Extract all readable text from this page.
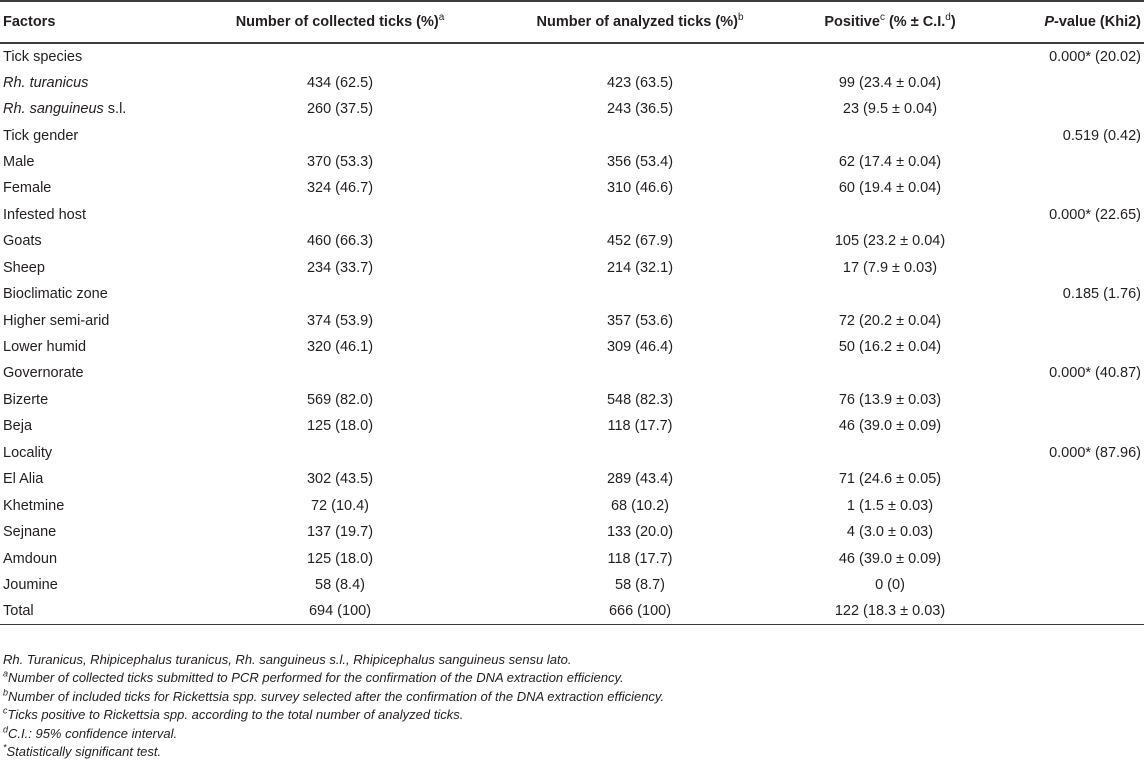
Factors	Number of collected ticks (%)$^a$	Number of analyzed ticks (%)$^b$	Positive$^c$ (% ± C.I.$^d$)	P-value (Khi2)
Tick species				0.000* (20.02)
Rh. turanicus	434 (62.5)	423 (63.5)	99 (23.4 ± 0.04)	
Rh. sanguineus s.l.	260 (37.5)	243 (36.5)	23 (9.5 ± 0.04)	
Tick gender				0.519 (0.42)
Male	370 (53.3)	356 (53.4)	62 (17.4 ± 0.04)	
Female	324 (46.7)	310 (46.6)	60 (19.4 ± 0.04)	
Infested host				0.000* (22.65)
Goats	460 (66.3)	452 (67.9)	105 (23.2 ± 0.04)	
Sheep	234 (33.7)	214 (32.1)	17 (7.9 ± 0.03)	
Bioclimatic zone				0.185 (1.76)
Higher semi-arid	374 (53.9)	357 (53.6)	72 (20.2 ± 0.04)	
Lower humid	320 (46.1)	309 (46.4)	50 (16.2 ± 0.04)	
Governorate				0.000* (40.87)
Bizerte	569 (82.0)	548 (82.3)	76 (13.9 ± 0.03)	
Beja	125 (18.0)	118 (17.7)	46 (39.0 ± 0.09)	
Locality				0.000* (87.96)
El Alia	302 (43.5)	289 (43.4)	71 (24.6 ± 0.05)	
Khetmine	72 (10.4)	68 (10.2)	1 (1.5 ± 0.03)	
Sejnane	137 (19.7)	133 (20.0)	4 (3.0 ± 0.03)	
Amdoun	125 (18.0)	118 (17.7)	46 (39.0 ± 0.09)	
Joumine	58 (8.4)	58 (8.7)	0 (0)	
Total	694 (100)	666 (100)	122 (18.3 ± 0.03)	
Rh. Turanicus, Rhipicephalus turanicus, Rh. sanguineus s.l., Rhipicephalus sanguineus sensu lato.
$^a$Number of collected ticks submitted to PCR performed for the confirmation of the DNA extraction efficiency.
$^b$Number of included ticks for Rickettsia spp. survey selected after the confirmation of the DNA extraction efficiency.
$^c$Ticks positive to Rickettsia spp. according to the total number of analyzed ticks.
$^d$C.I.: 95% confidence interval.
*Statistically significant test.
